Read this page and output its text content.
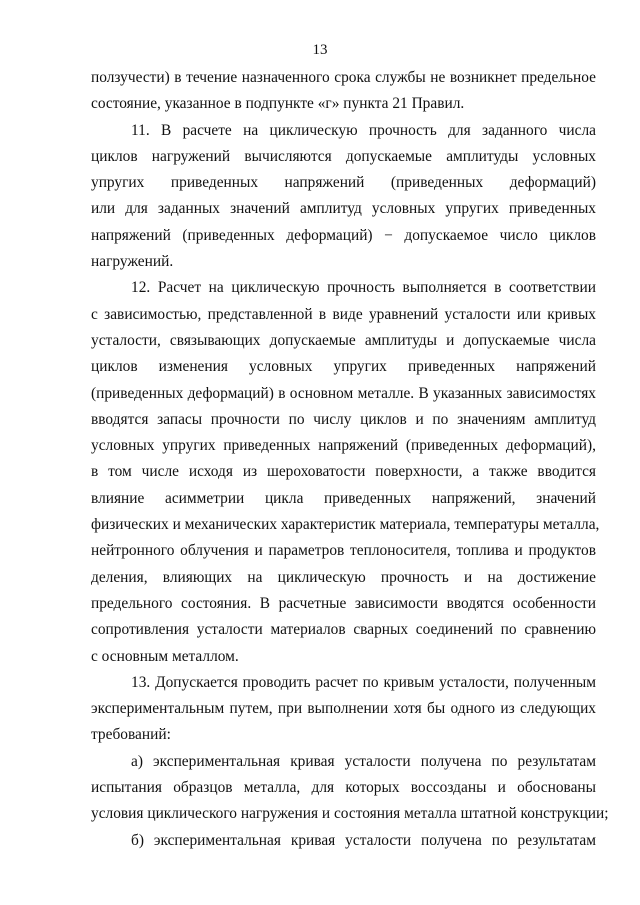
13
ползучести) в течение назначенного срока службы не возникнет предельное
состояние, указанное в подпункте «г» пункта 21 Правил.
11. В расчете на циклическую прочность для заданного числа
циклов нагружений вычисляются допускаемые амплитуды условных
упругих приведенных напряжений (приведенных деформаций)
или для заданных значений амплитуд условных упругих приведенных
напряжений (приведенных деформаций) − допускаемое число циклов
нагружений.
12. Расчет на циклическую прочность выполняется в соответствии
с зависимостью, представленной в виде уравнений усталости или кривых
усталости, связывающих допускаемые амплитуды и допускаемые числа
циклов изменения условных упругих приведенных напряжений
(приведенных деформаций) в основном металле. В указанных зависимостях
вводятся запасы прочности по числу циклов и по значениям амплитуд
условных упругих приведенных напряжений (приведенных деформаций),
в том числе исходя из шероховатости поверхности, а также вводится
влияние асимметрии цикла приведенных напряжений, значений
физических и механических характеристик материала, температуры металла,
нейтронного облучения и параметров теплоносителя, топлива и продуктов
деления, влияющих на циклическую прочность и на достижение
предельного состояния. В расчетные зависимости вводятся особенности
сопротивления усталости материалов сварных соединений по сравнению
с основным металлом.
13. Допускается проводить расчет по кривым усталости, полученным
экспериментальным путем, при выполнении хотя бы одного из следующих
требований:
а) экспериментальная кривая усталости получена по результатам
испытания образцов металла, для которых воссозданы и обоснованы
условия циклического нагружения и состояния металла штатной конструкции;
б) экспериментальная кривая усталости получена по результатам
